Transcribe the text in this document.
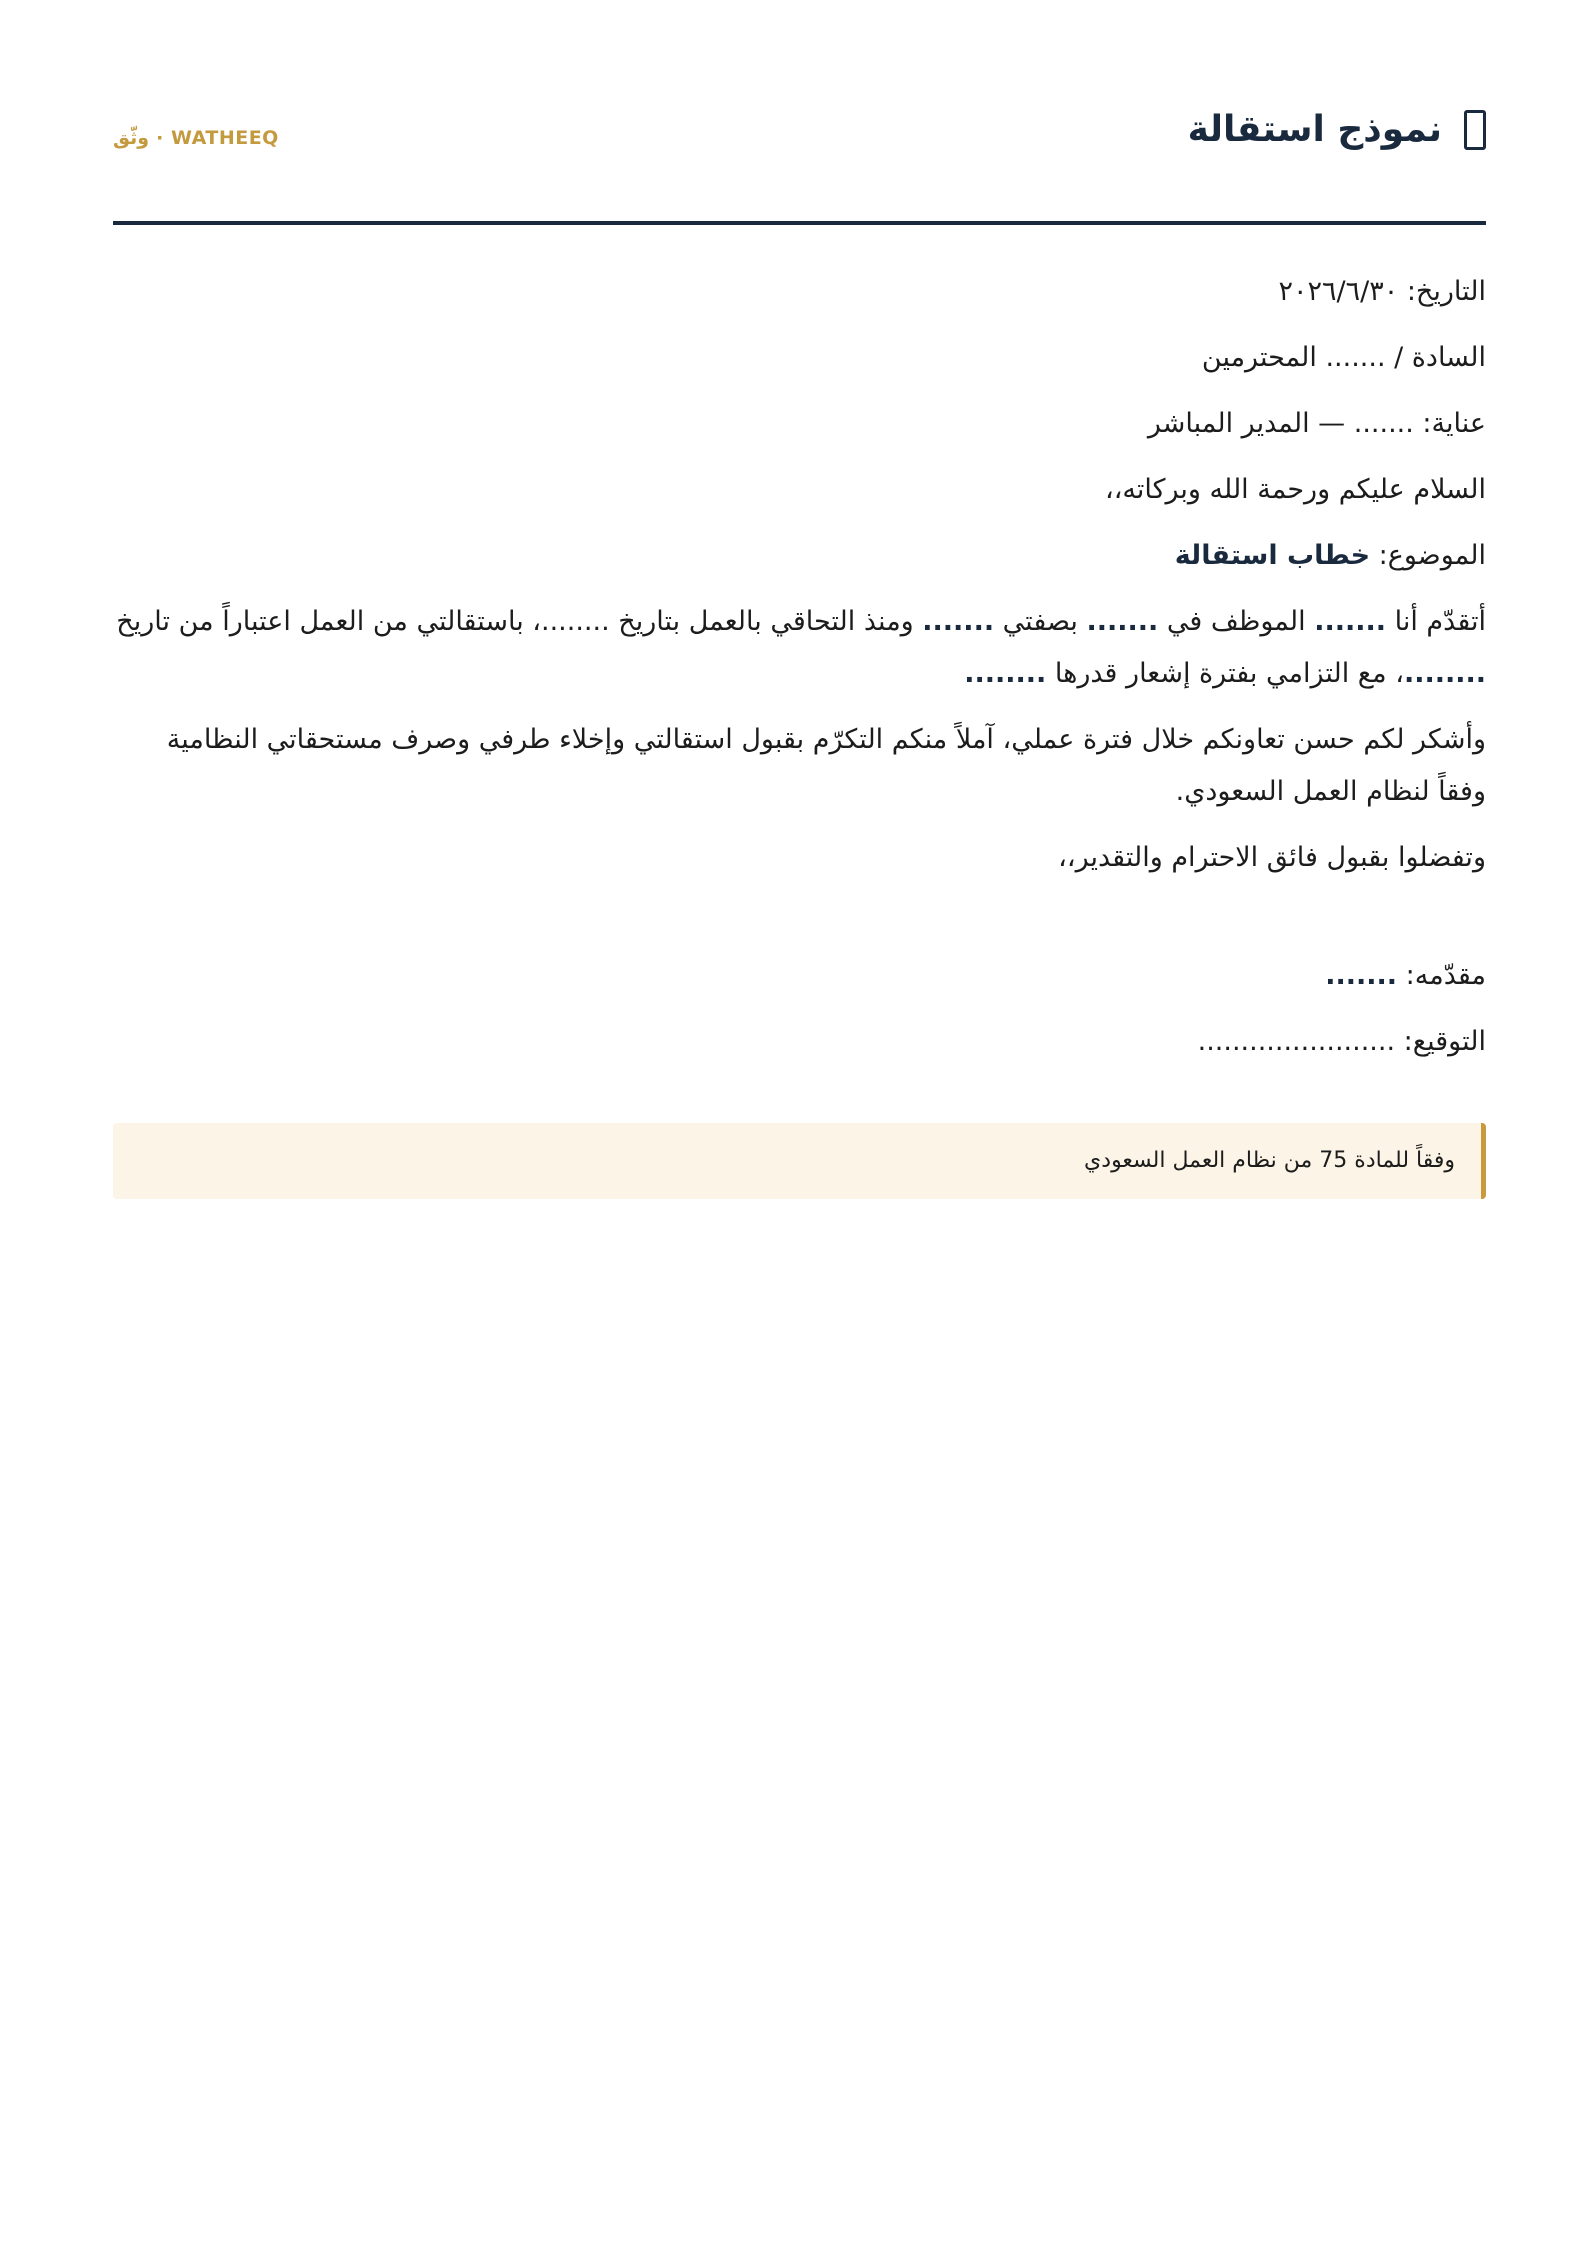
نموذج استقالة
WATHEEQ · وثّق
التاريخ: ٢٠٢٦/٦/٣٠
السادة / ....... المحترمين
عناية: ....... — المدير المباشر
السلام عليكم ورحمة الله وبركاته،،
الموضوع: خطاب استقالة
أتقدّم أنا ....... الموظف في ....... بصفتي ....... ومنذ التحاقي بالعمل بتاريخ ........، باستقالتي من العمل اعتباراً من تاريخ ........، مع التزامي بفترة إشعار قدرها ........
وأشكر لكم حسن تعاونكم خلال فترة عملي، آملاً منكم التكرّم بقبول استقالتي وإخلاء طرفي وصرف مستحقاتي النظامية وفقاً لنظام العمل السعودي.
وتفضلوا بقبول فائق الاحترام والتقدير،،
مقدّمه: .......
التوقيع: .......................
وفقاً للمادة 75 من نظام العمل السعودي
